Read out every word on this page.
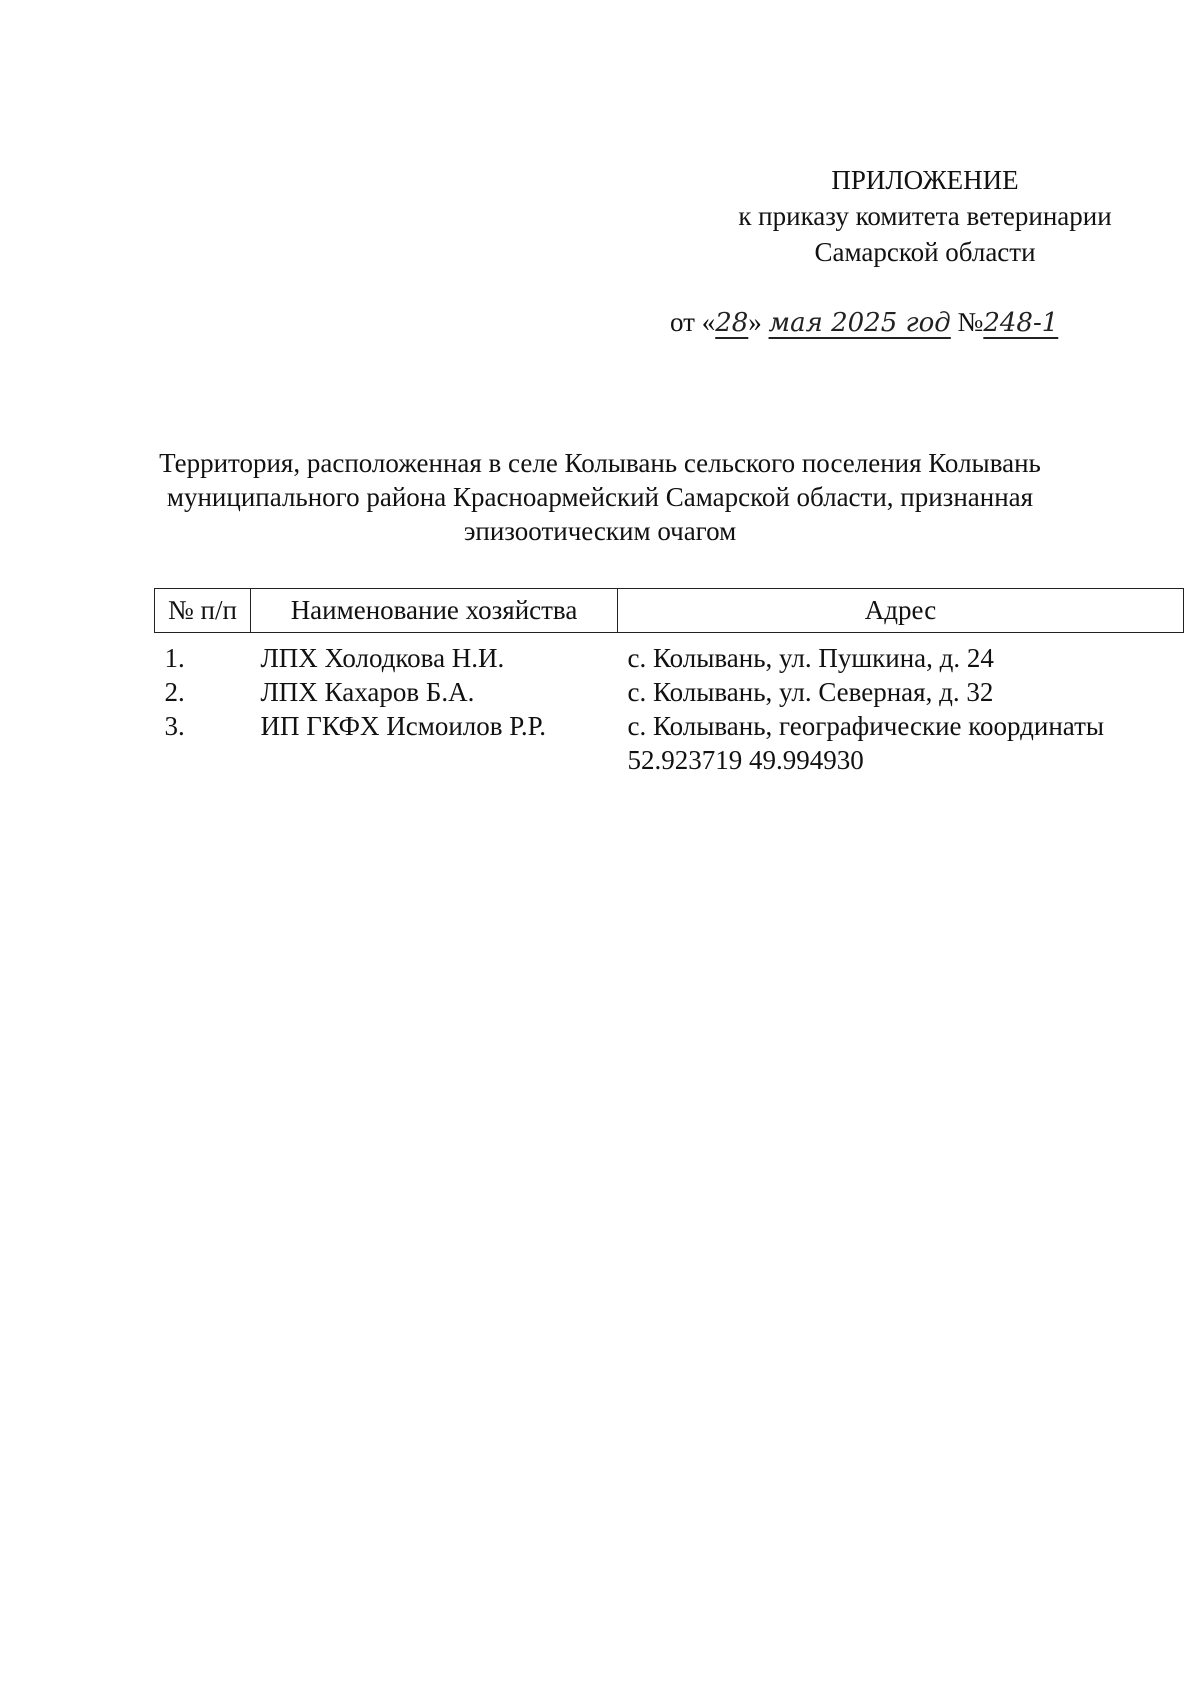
ПРИЛОЖЕНИЕ
к приказу комитета ветеринарии
Самарской области
от «28» мая 2025 год №248-1
Территория, расположенная в селе Колывань сельского поселения Колывань муниципального района Красноармейский Самарской области, признанная эпизоотическим очагом
№ п/п	Наименование хозяйства	Адрес
1.	ЛПХ Холодкова Н.И.	с. Колывань, ул. Пушкина, д. 24
2.	ЛПХ Кахаров Б.А.	с. Колывань, ул. Северная, д. 32
3.	ИП ГКФХ Исмоилов Р.Р.	с. Колывань, географические координаты 52.923719 49.994930
